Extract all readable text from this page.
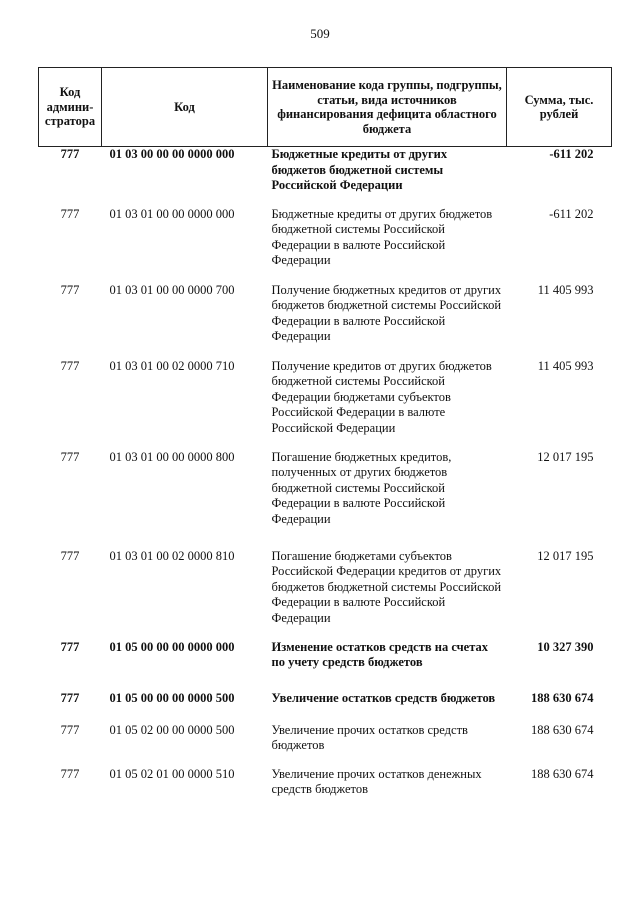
509
Код админи-стратора	Код	Наименование кода группы, подгруппы, статьи, вида источников финансирования дефицита областного бюджета	Сумма, тыс. рублей
777	01 03 00 00 00 0000 000	Бюджетные кредиты от других бюджетов бюджетной системы Российской Федерации	-611 202
777	01 03 01 00 00 0000 000	Бюджетные кредиты от других бюджетов бюджетной системы Российской Федерации в валюте Российской Федерации	-611 202
777	01 03 01 00 00 0000 700	Получение бюджетных кредитов от других бюджетов бюджетной системы Российской Федерации в валюте Российской Федерации	11 405 993
777	01 03 01 00 02 0000 710	Получение кредитов от других бюджетов бюджетной системы Российской Федерации бюджетами субъектов Российской Федерации в валюте Российской Федерации	11 405 993
777	01 03 01 00 00 0000 800	Погашение бюджетных кредитов, полученных от других бюджетов бюджетной системы Российской Федерации в валюте Российской Федерации	12 017 195
777	01 03 01 00 02 0000 810	Погашение бюджетами субъектов Российской Федерации кредитов от других бюджетов бюджетной системы Российской Федерации в валюте Российской Федерации	12 017 195
777	01 05 00 00 00 0000 000	Изменение остатков средств на счетах по учету средств бюджетов	10 327 390
777	01 05 00 00 00 0000 500	Увеличение остатков средств бюджетов	188 630 674
777	01 05 02 00 00 0000 500	Увеличение прочих остатков средств бюджетов	188 630 674
777	01 05 02 01 00 0000 510	Увеличение прочих остатков денежных средств бюджетов	188 630 674
